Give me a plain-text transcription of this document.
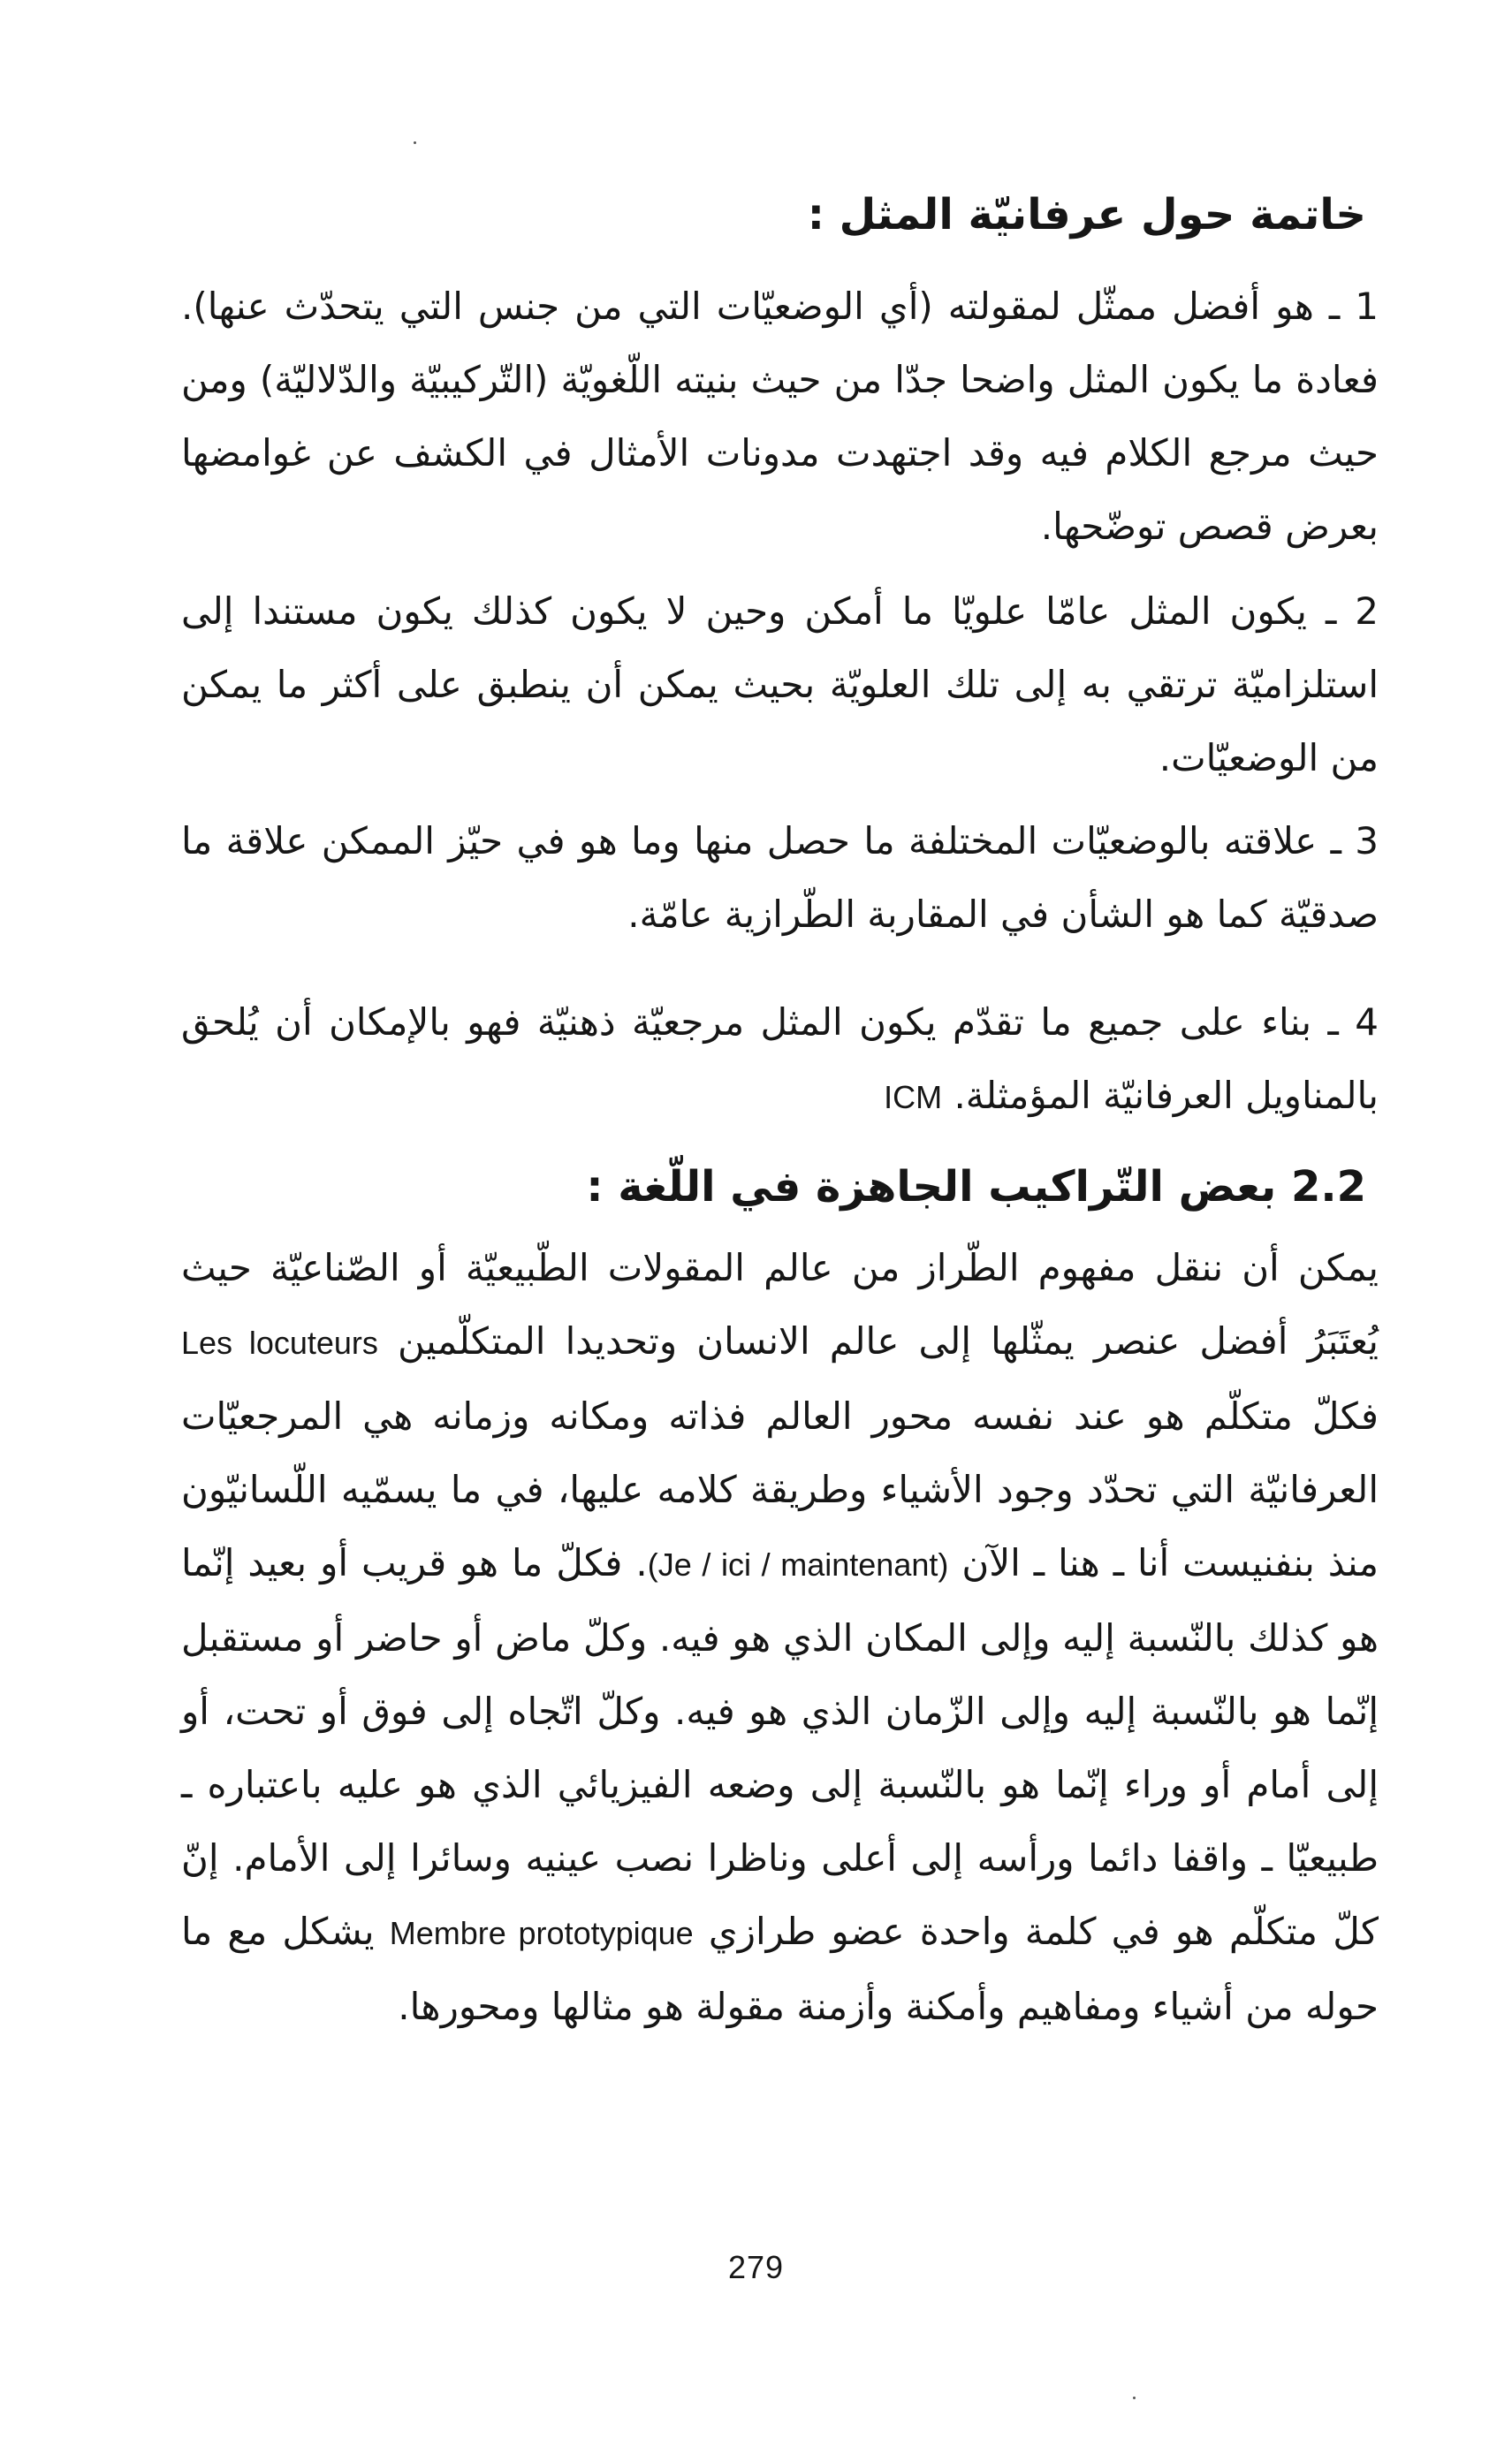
خاتمة حول عرفانيّة المثل :
1 ـ هو أفضل ممثّل لمقولته (أي الوضعيّات التي من جنس التي يتحدّث عنها). فعادة ما يكون المثل واضحا جدّا من حيث بنيته اللّغويّة (التّركيبيّة والدّلاليّة) ومن حيث مرجع الكلام فيه وقد اجتهدت مدونات الأمثال في الكشف عن غوامضها بعرض قصص توضّحها.
2 ـ يكون المثل عامّا علويّا ما أمكن وحين لا يكون كذلك يكون مستندا إلى استلزاميّة ترتقي به إلى تلك العلويّة بحيث يمكن أن ينطبق على أكثر ما يمكن من الوضعيّات.
3 ـ علاقته بالوضعيّات المختلفة ما حصل منها وما هو في حيّز الممكن علاقة ما صدقيّة كما هو الشأن في المقاربة الطّرازية عامّة.
4 ـ بناء على جميع ما تقدّم يكون المثل مرجعيّة ذهنيّة فهو بالإمكان أن يُلحق بالمناويل العرفانيّة المؤمثلة. ICM
2.2 بعض التّراكيب الجاهزة في اللّغة :
يمكن أن ننقل مفهوم الطّراز من عالم المقولات الطّبيعيّة أو الصّناعيّة حيث يُعتَبَرُ أفضل عنصر يمثّلها إلى عالم الانسان وتحديدا المتكلّمين Les locuteurs فكلّ متكلّم هو عند نفسه محور العالم فذاته ومكانه وزمانه هي المرجعيّات العرفانيّة التي تحدّد وجود الأشياء وطريقة كلامه عليها، في ما يسمّيه اللّسانيّون منذ بنفنيست أنا ـ هنا ـ الآن (Je / ici / maintenant). فكلّ ما هو قريب أو بعيد إنّما هو كذلك بالنّسبة إليه وإلى المكان الذي هو فيه. وكلّ ماض أو حاضر أو مستقبل إنّما هو بالنّسبة إليه وإلى الزّمان الذي هو فيه. وكلّ اتّجاه إلى فوق أو تحت، أو إلى أمام أو وراء إنّما هو بالنّسبة إلى وضعه الفيزيائي الذي هو عليه باعتباره ـ طبيعيّا ـ واقفا دائما ورأسه إلى أعلى وناظرا نصب عينيه وسائرا إلى الأمام. إنّ كلّ متكلّم هو في كلمة واحدة عضو طرازي Membre prototypique يشكل مع ما حوله من أشياء ومفاهيم وأمكنة وأزمنة مقولة هو مثالها ومحورها.
279
